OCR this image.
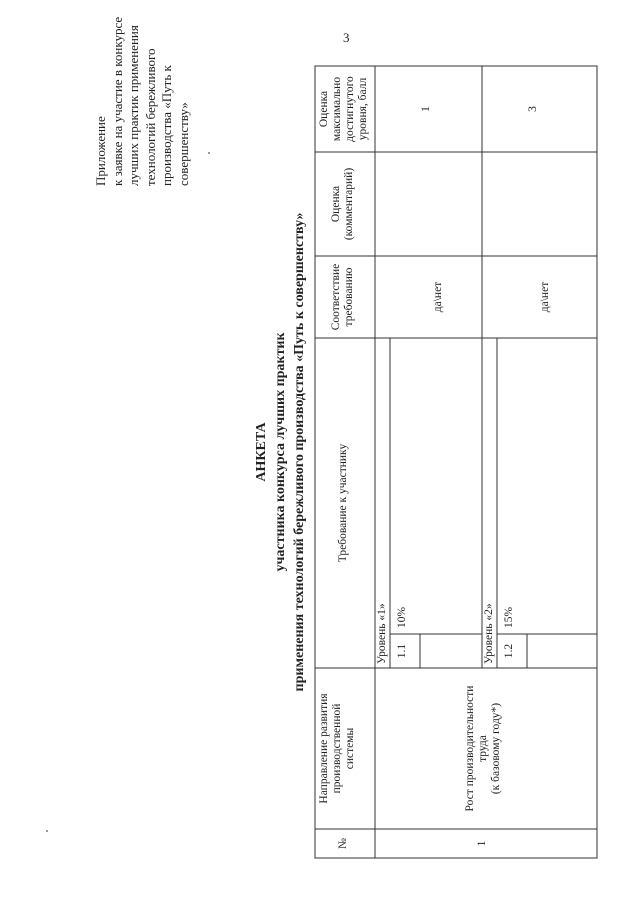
3
Приложение к заявке на участие в конкурсе лучших практик применения технологий бережливого производства «Путь к совершенству»
АНКЕТА участника конкурса лучших практик применения технологий бережливого производства «Путь к совершенству»
№
Направление развития производственной системы
Требование к участнику
Соответствие требованию
Оценка (комментарий)
Оценка максимально достигнутого уровня, балл
1
Рост производительности труда (к базовому году*)
Уровень «1» 1.1
10%
да\нет
1
Уровень «2» 1.2
15%
да\нет
3
